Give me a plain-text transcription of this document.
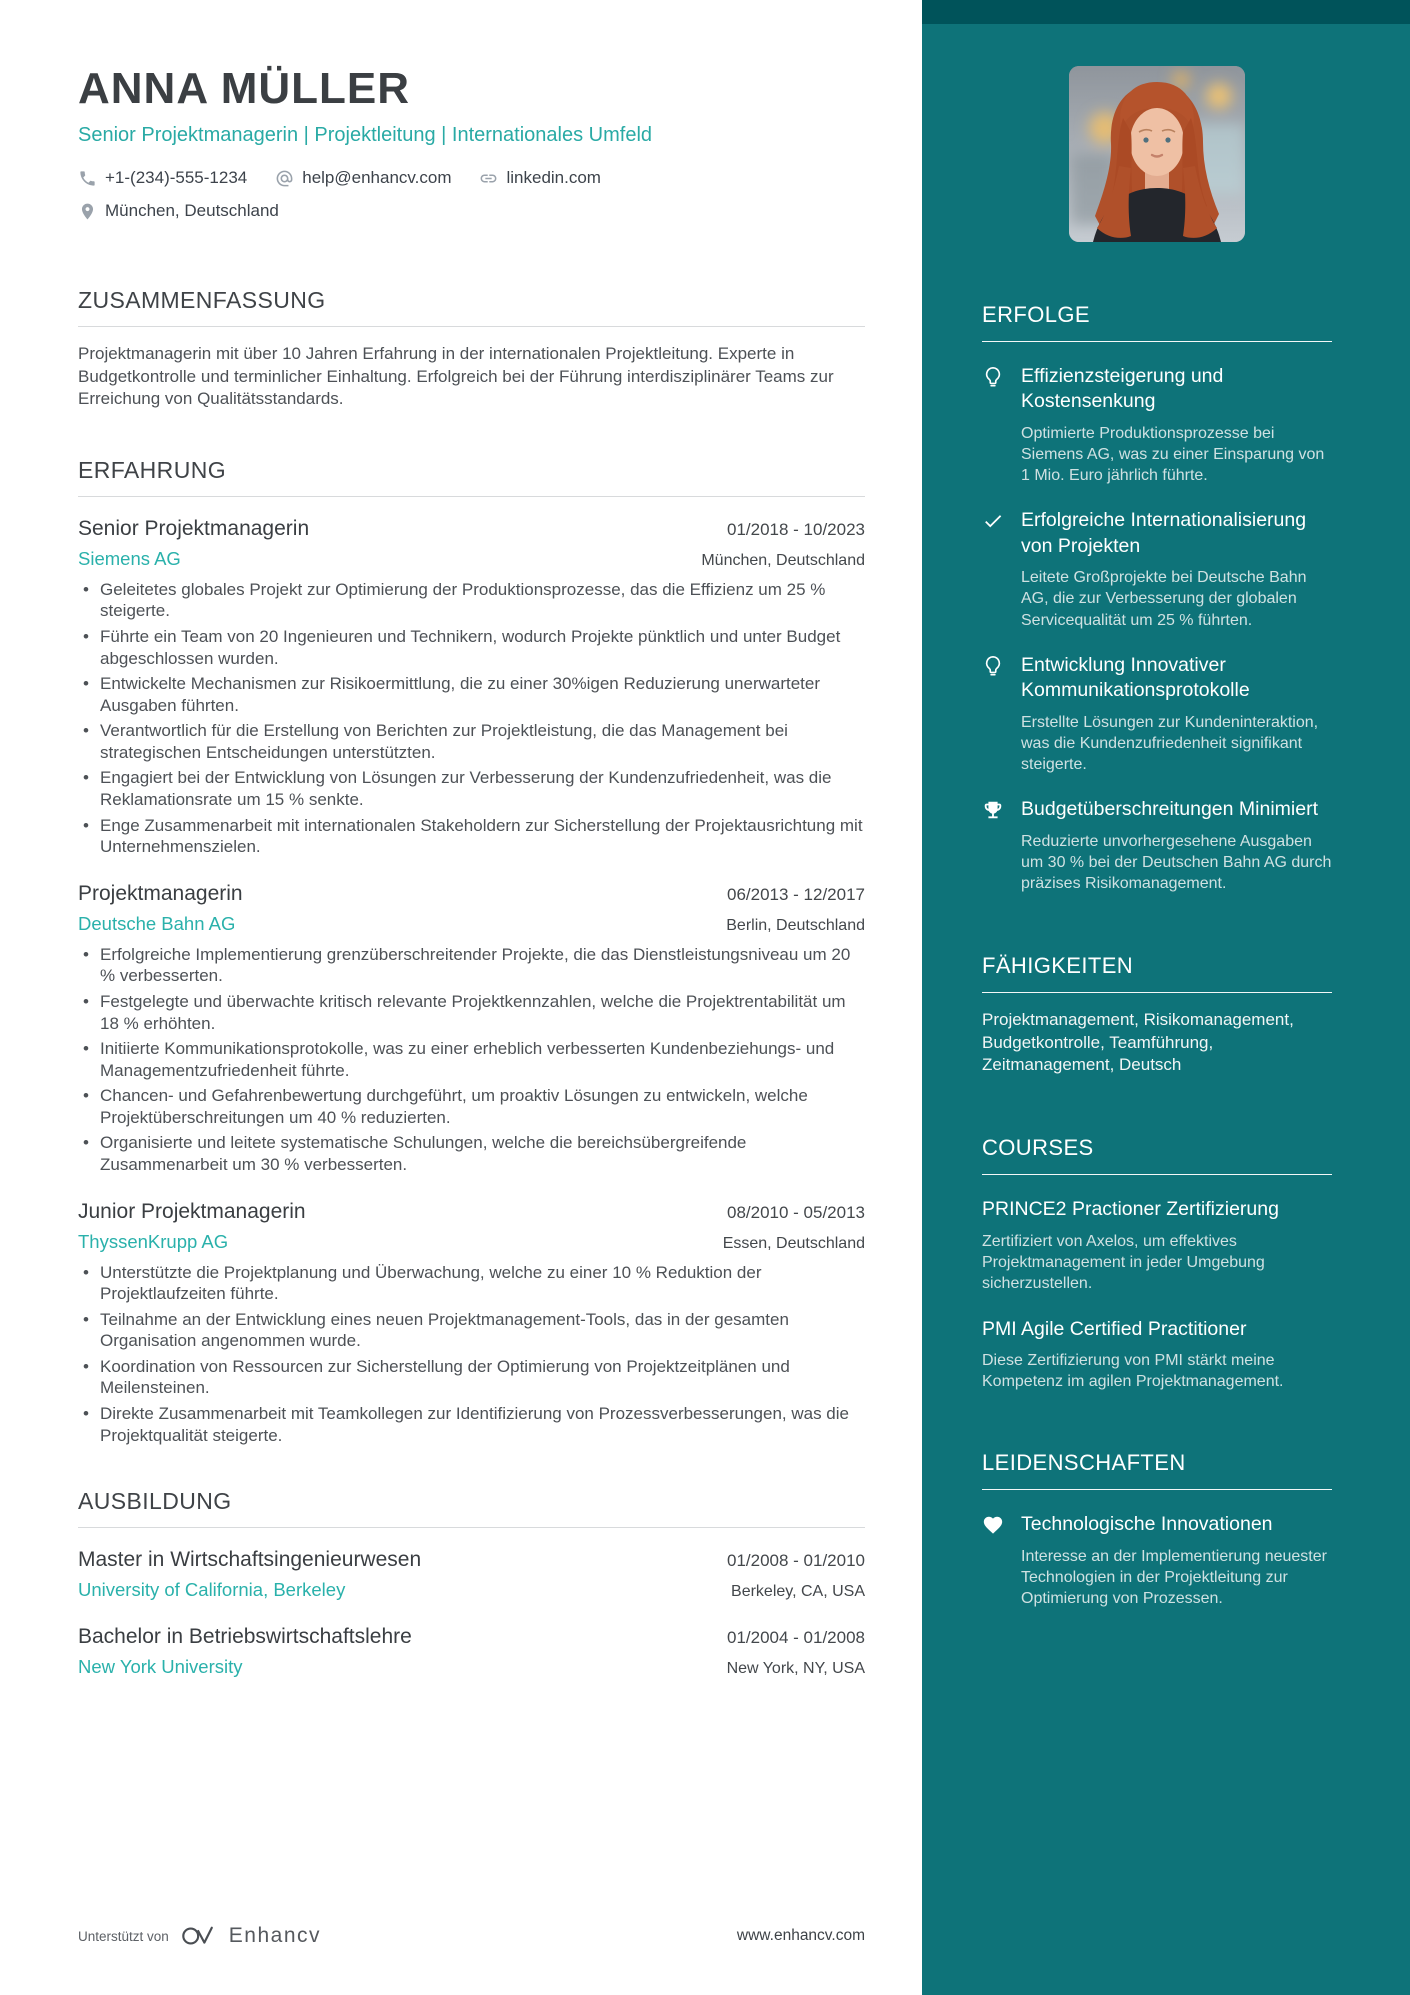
ANNA MÜLLER
Senior Projektmanagerin | Projektleitung | Internationales Umfeld
+1-(234)-555-1234	help@enhancv.com	linkedin.com
München, Deutschland
ZUSAMMENFASSUNG

Projektmanagerin mit über 10 Jahren Erfahrung in der internationalen Projektleitung. Experte in Budgetkontrolle und terminlicher Einhaltung. Erfolgreich bei der Führung interdisziplinärer Teams zur Erreichung von Qualitätsstandards.

ERFAHRUNG
Senior Projektmanagerin	01/2018 - 10/2023
Siemens AG	München, Deutschland
• Geleitetes globales Projekt zur Optimierung der Produktionsprozesse, das die Effizienz um 25 % steigerte.
• Führte ein Team von 20 Ingenieuren und Technikern, wodurch Projekte pünktlich und unter Budget abgeschlossen wurden.
• Entwickelte Mechanismen zur Risikoermittlung, die zu einer 30%igen Reduzierung unerwarteter Ausgaben führten.
• Verantwortlich für die Erstellung von Berichten zur Projektleistung, die das Management bei strategischen Entscheidungen unterstützten.
• Engagiert bei der Entwicklung von Lösungen zur Verbesserung der Kundenzufriedenheit, was die Reklamationsrate um 15 % senkte.
• Enge Zusammenarbeit mit internationalen Stakeholdern zur Sicherstellung der Projektausrichtung mit Unternehmenszielen.
Projektmanagerin	06/2013 - 12/2017
Deutsche Bahn AG	Berlin, Deutschland
• Erfolgreiche Implementierung grenzüberschreitender Projekte, die das Dienstleistungsniveau um 20 % verbesserten.
• Festgelegte und überwachte kritisch relevante Projektkennzahlen, welche die Projektrentabilität um 18 % erhöhten.
• Initiierte Kommunikationsprotokolle, was zu einer erheblich verbesserten Kundenbeziehungs- und Managementzufriedenheit führte.
• Chancen- und Gefahrenbewertung durchgeführt, um proaktiv Lösungen zu entwickeln, welche Projektüberschreitungen um 40 % reduzierten.
• Organisierte und leitete systematische Schulungen, welche die bereichsübergreifende Zusammenarbeit um 30 % verbesserten.
Junior Projektmanagerin	08/2010 - 05/2013
ThyssenKrupp AG	Essen, Deutschland
• Unterstützte die Projektplanung und Überwachung, welche zu einer 10 % Reduktion der Projektlaufzeiten führte.
• Teilnahme an der Entwicklung eines neuen Projektmanagement-Tools, das in der gesamten Organisation angenommen wurde.
• Koordination von Ressourcen zur Sicherstellung der Optimierung von Projektzeitplänen und Meilensteinen.
• Direkte Zusammenarbeit mit Teamkollegen zur Identifizierung von Prozessverbesserungen, was die Projektqualität steigerte.
AUSBILDUNG
Master in Wirtschaftsingenieurwesen	01/2008 - 01/2010
University of California, Berkeley	Berkeley, CA, USA
Bachelor in Betriebswirtschaftslehre	01/2004 - 01/2008
New York University	New York, NY, USA
Unterstützt von	Enhancv	www.enhancv.com
ERFOLGE
Effizienzsteigerung und Kostensenkung

Optimierte Produktionsprozesse bei Siemens AG, was zu einer Einsparung von 1 Mio. Euro jährlich führte.

Erfolgreiche Internationalisierung von Projekten

Leitete Großprojekte bei Deutsche Bahn AG, die zur Verbesserung der globalen Servicequalität um 25 % führten.

Entwicklung Innovativer Kommunikationsprotokolle

Erstellte Lösungen zur Kundeninteraktion, was die Kundenzufriedenheit signifikant steigerte.

Budgetüberschreitungen Minimiert

Reduzierte unvorhergesehene Ausgaben um 30 % bei der Deutschen Bahn AG durch präzises Risikomanagement.

FÄHIGKEITEN

Projektmanagement, Risikomanagement, Budgetkontrolle, Teamführung, Zeitmanagement, Deutsch

COURSES
PRINCE2 Practioner Zertifizierung

Zertifiziert von Axelos, um effektives Projektmanagement in jeder Umgebung sicherzustellen.

PMI Agile Certified Practitioner

Diese Zertifizierung von PMI stärkt meine Kompetenz im agilen Projektmanagement.

LEIDENSCHAFTEN
Technologische Innovationen

Interesse an der Implementierung neuester Technologien in der Projektleitung zur Optimierung von Prozessen.
